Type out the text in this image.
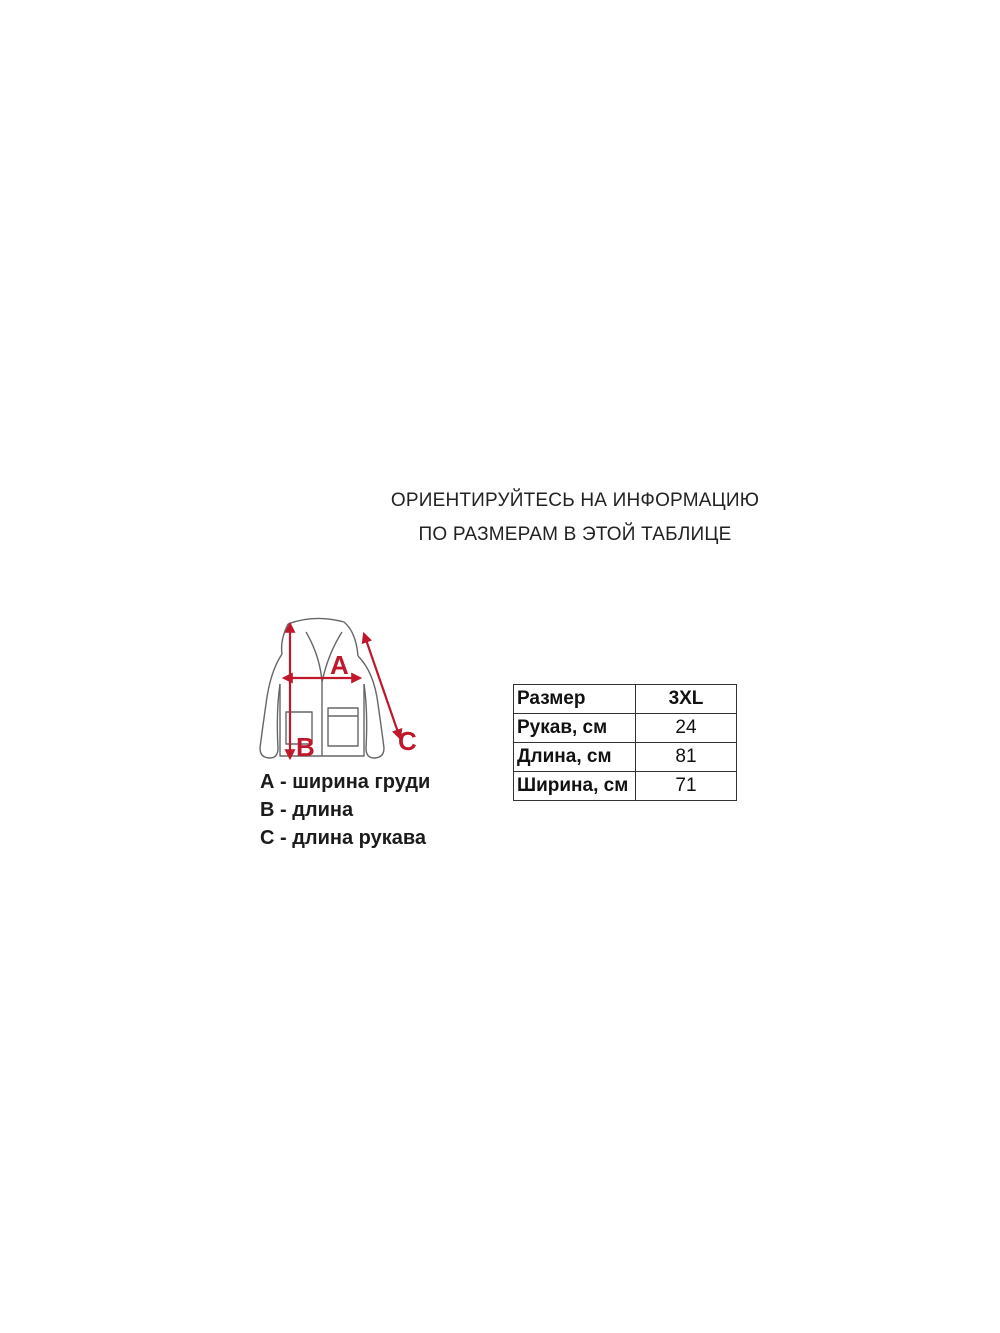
ОРИЕНТИРУЙТЕСЬ НА ИНФОРМАЦИЮ
ПО РАЗМЕРАМ В ЭТОЙ ТАБЛИЦЕ
A
B	C
А - ширина груди
В - длина
С - длина рукава
Размер	3XL
Рукав, см	24
Длина, см	81
Ширина, см	71
